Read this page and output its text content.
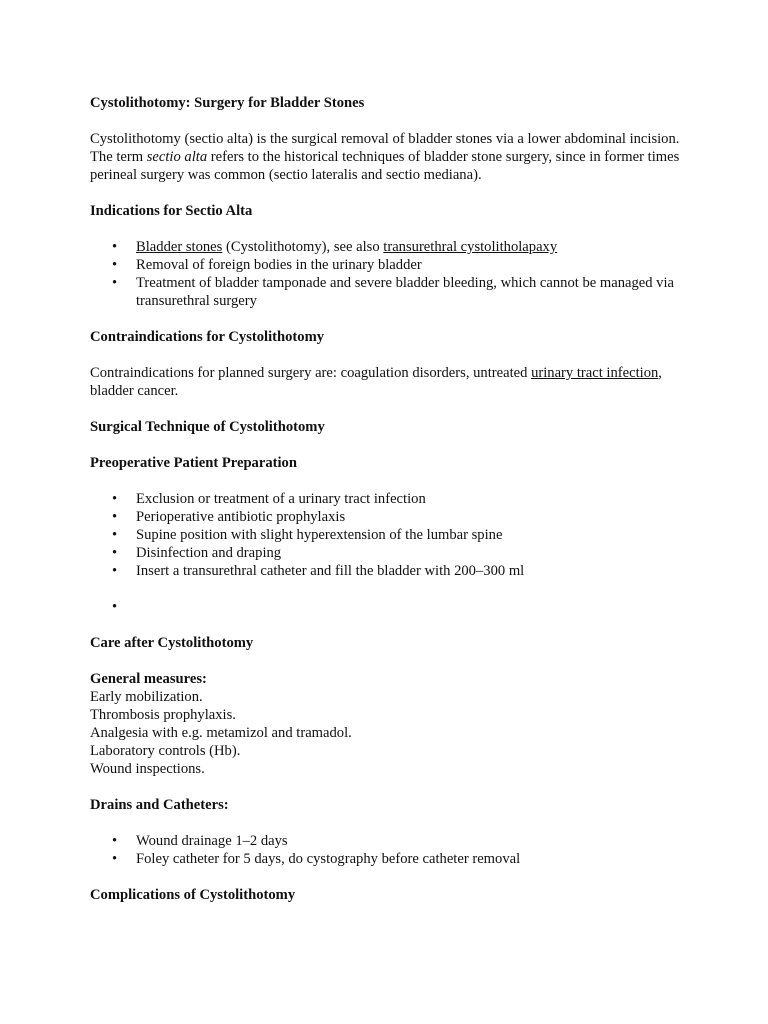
Cystolithotomy: Surgery for Bladder Stones

Cystolithotomy (sectio alta) is the surgical removal of bladder stones via a lower abdominal incision. The term sectio alta refers to the historical techniques of bladder stone surgery, since in former times perineal surgery was common (sectio lateralis and sectio mediana).

Indications for Sectio Alta
• Bladder stones (Cystolithotomy), see also transurethral cystolitholapaxy
• Removal of foreign bodies in the urinary bladder
• Treatment of bladder tamponade and severe bladder bleeding, which cannot be managed via transurethral surgery
Contraindications for Cystolithotomy

Contraindications for planned surgery are: coagulation disorders, untreated urinary tract infection, bladder cancer.

Surgical Technique of Cystolithotomy
Preoperative Patient Preparation
• Exclusion or treatment of a urinary tract infection
• Perioperative antibiotic prophylaxis
• Supine position with slight hyperextension of the lumbar spine
• Disinfection and draping
• Insert a transurethral catheter and fill the bladder with 200–300 ml
•

Care after Cystolithotomy
General measures:

Early mobilization.
Thrombosis prophylaxis.
Analgesia with e.g. metamizol and tramadol.
Laboratory controls (Hb).
Wound inspections.

Drains and Catheters:
• Wound drainage 1–2 days
• Foley catheter for 5 days, do cystography before catheter removal
Complications of Cystolithotomy
